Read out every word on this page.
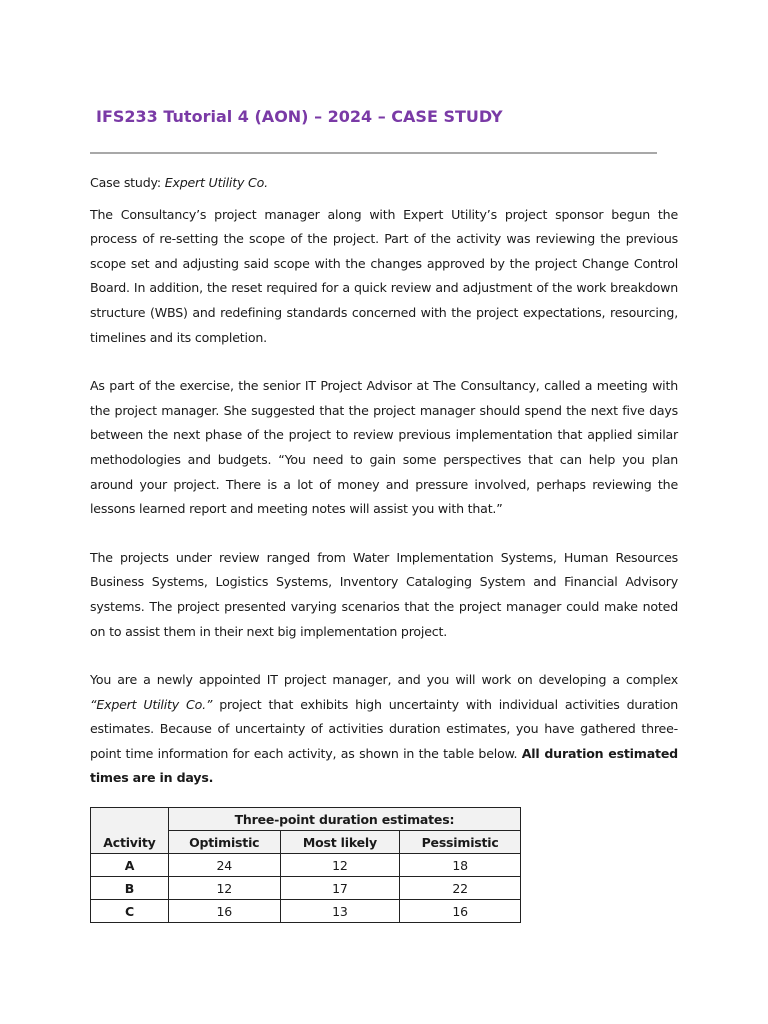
IFS233 Tutorial 4 (AON) – 2024 – CASE STUDY

Case study: Expert Utility Co.

The Consultancy’s project manager along with Expert Utility’s project sponsor begun the process of re-setting the scope of the project. Part of the activity was reviewing the previous scope set and adjusting said scope with the changes approved by the project Change Control Board. In addition, the reset required for a quick review and adjustment of the work breakdown structure (WBS) and redefining standards concerned with the project expectations, resourcing, timelines and its completion.

As part of the exercise, the senior IT Project Advisor at The Consultancy, called a meeting with the project manager. She suggested that the project manager should spend the next five days between the next phase of the project to review previous implementation that applied similar methodologies and budgets. “You need to gain some perspectives that can help you plan around your project. There is a lot of money and pressure involved, perhaps reviewing the lessons learned report and meeting notes will assist you with that.”

The projects under review ranged from Water Implementation Systems, Human Resources Business Systems, Logistics Systems, Inventory Cataloging System and Financial Advisory systems. The project presented varying scenarios that the project manager could make noted on to assist them in their next big implementation project.

You are a newly appointed IT project manager, and you will work on developing a complex “Expert Utility Co.” project that exhibits high uncertainty with individual activities duration estimates. Because of uncertainty of activities duration estimates, you have gathered three-point time information for each activity, as shown in the table below. All duration estimated times are in days.

Activity	Three-point duration estimates:		
	Optimistic	Most likely	Pessimistic
A	24	12	18
B	12	17	22
C	16	13	16
